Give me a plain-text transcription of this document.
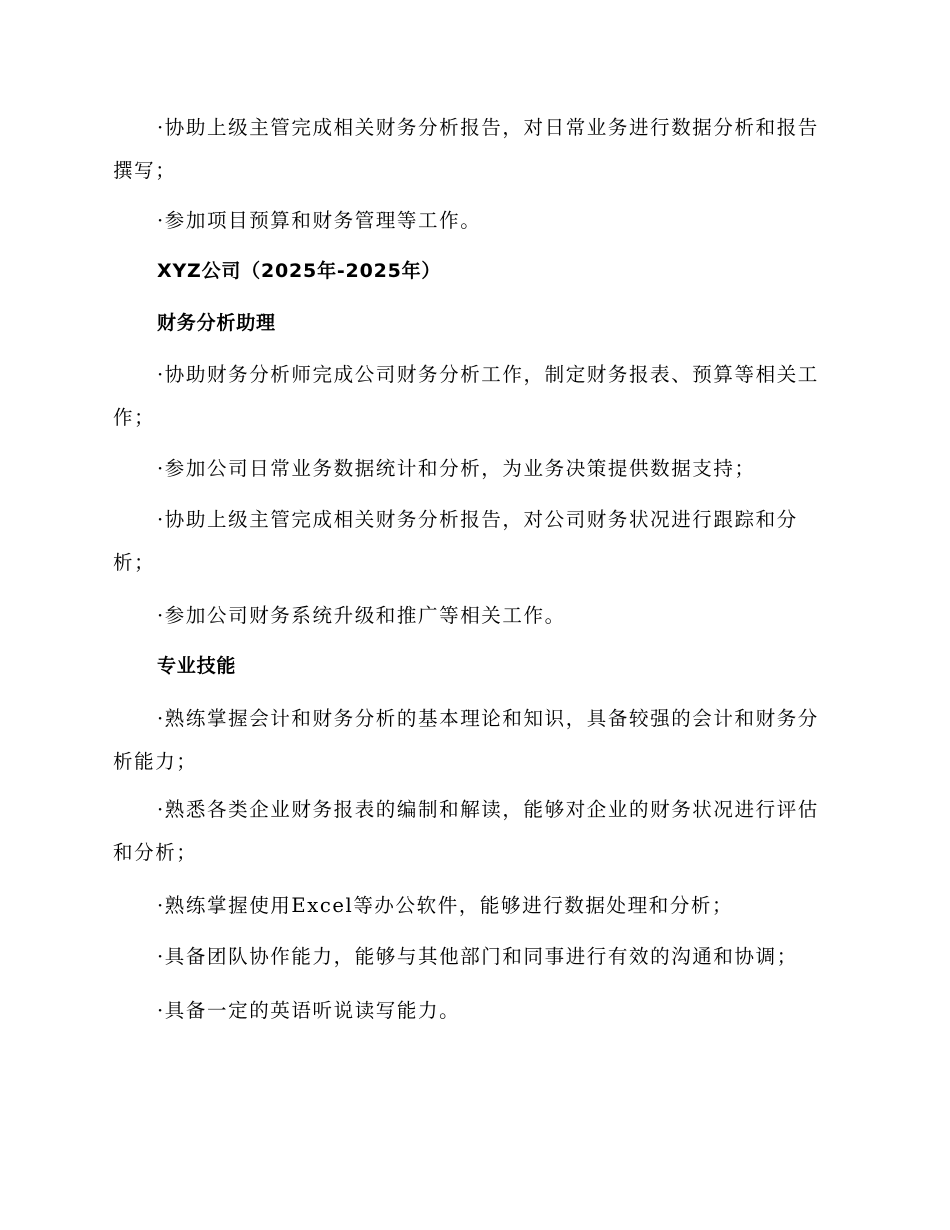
·协助上级主管完成相关财务分析报告，对日常业务进行数据分析和报告撰写；

·参加项目预算和财务管理等工作。

XYZ公司（2025年-2025年）

财务分析助理

·协助财务分析师完成公司财务分析工作，制定财务报表、预算等相关工作；

·参加公司日常业务数据统计和分析，为业务决策提供数据支持；

·协助上级主管完成相关财务分析报告，对公司财务状况进行跟踪和分析；

·参加公司财务系统升级和推广等相关工作。

专业技能

·熟练掌握会计和财务分析的基本理论和知识，具备较强的会计和财务分析能力；

·熟悉各类企业财务报表的编制和解读，能够对企业的财务状况进行评估和分析；

·熟练掌握使用Excel等办公软件，能够进行数据处理和分析；

·具备团队协作能力，能够与其他部门和同事进行有效的沟通和协调；

·具备一定的英语听说读写能力。
